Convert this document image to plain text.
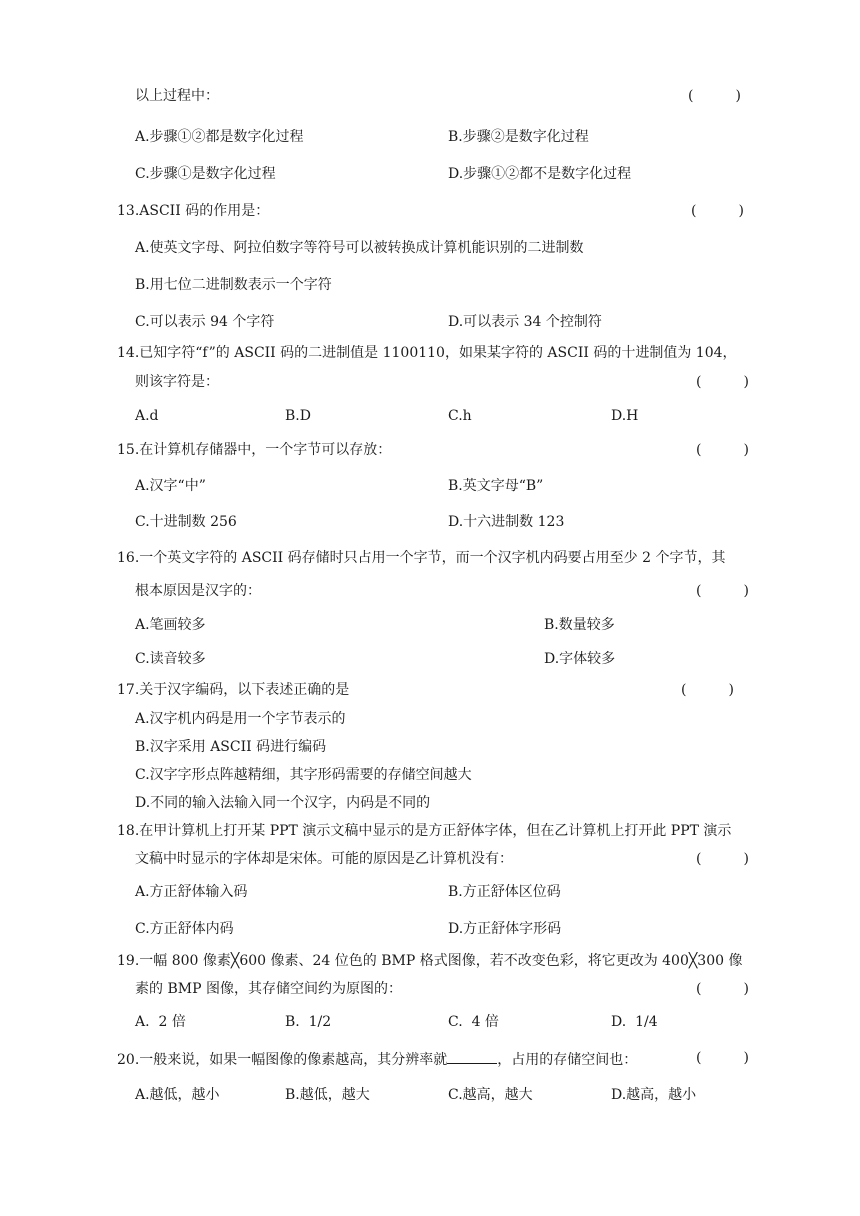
以上过程中：	(　　　)
A.步骤①②都是数字化过程	B.步骤②是数字化过程
C.步骤①是数字化过程	D.步骤①②都不是数字化过程
13.ASCII 码的作用是：	(　　　)
A.使英文字母、阿拉伯数字等符号可以被转换成计算机能识别的二进制数
B.用七位二进制数表示一个字符
C.可以表示 94 个字符	D.可以表示 34 个控制符
14.已知字符“f”的 ASCII 码的二进制值是 1100110，如果某字符的 ASCII 码的十进制值为 104，
则该字符是：	(　　　)
A.d	B.D	C.h	D.H
15.在计算机存储器中，一个字节可以存放：	(　　　)
A.汉字“中”	B.英文字母“B”
C.十进制数 256	D.十六进制数 123
16.一个英文字符的 ASCII 码存储时只占用一个字节，而一个汉字机内码要占用至少 2 个字节，其
根本原因是汉字的：	(　　　)
A.笔画较多	B.数量较多
C.读音较多	D.字体较多
17.关于汉字编码，以下表述正确的是	(　　　)
A.汉字机内码是用一个字节表示的
B.汉字采用 ASCII 码进行编码
C.汉字字形点阵越精细，其字形码需要的存储空间越大
D.不同的输入法输入同一个汉字，内码是不同的
18.在甲计算机上打开某 PPT 演示文稿中显示的是方正舒体字体，但在乙计算机上打开此 PPT 演示
文稿中时显示的字体却是宋体。可能的原因是乙计算机没有：	(　　　)
A.方正舒体输入码	B.方正舒体区位码
C.方正舒体内码	D.方正舒体字形码
19.一幅 800 像素╳600 像素、24 位色的 BMP 格式图像，若不改变色彩，将它更改为 400╳300 像
素的 BMP 图像，其存储空间约为原图的：	(　　　)
A.  2 倍	B.  1/2	C.  4 倍	D.  1/4
20.一般来说，如果一幅图像的像素越高，其分辨率就	，占用的存储空间也：	(　　　)
A.越低，越小	B.越低，越大	C.越高，越大	D.越高，越小
